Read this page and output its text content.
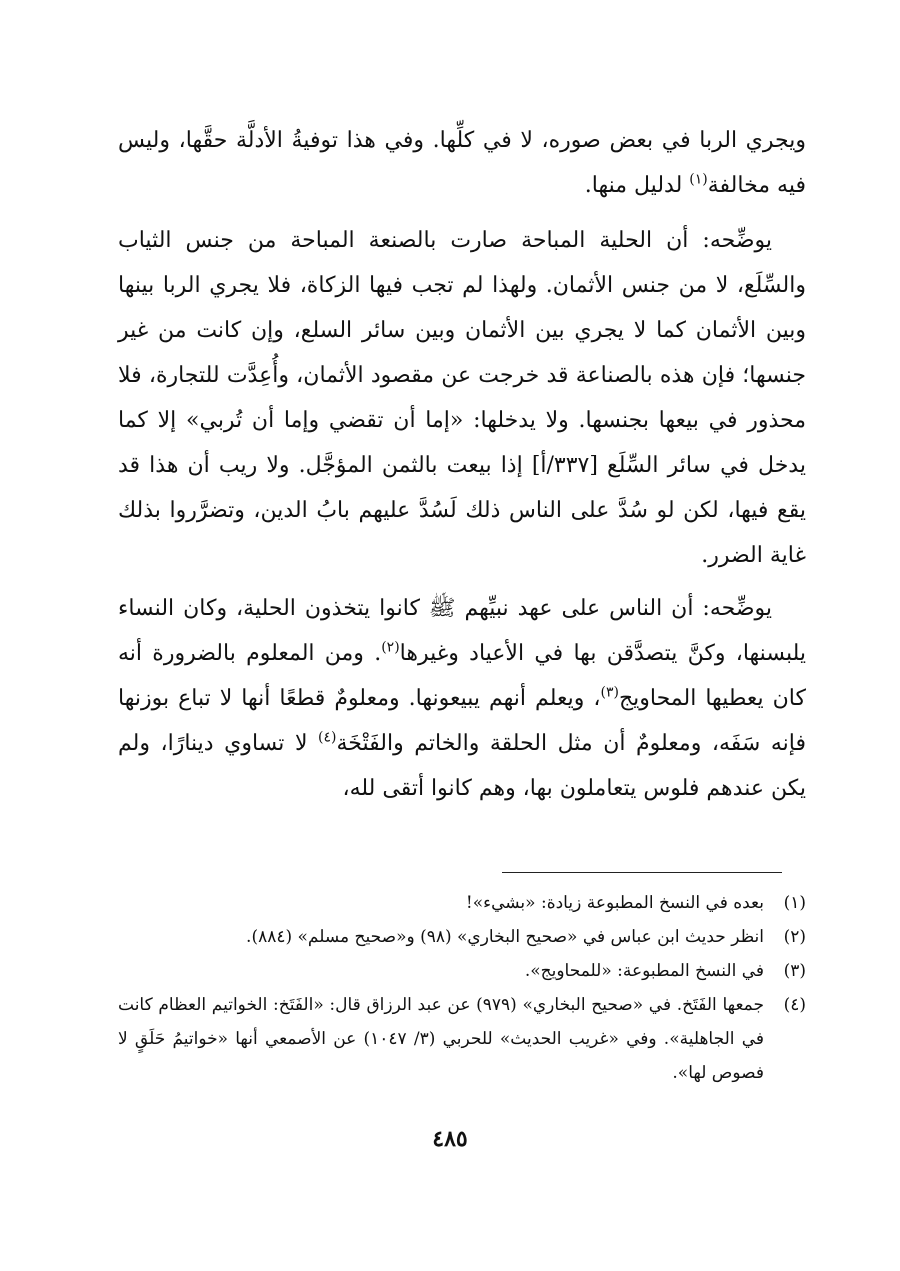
ويجري الربا في بعض صوره، لا في كلِّها. وفي هذا توفيةُ الأدلَّة حقَّها، وليس فيه مخالفة$^{(١)}$ لدليل منها.

يوضِّحه: أن الحلية المباحة صارت بالصنعة المباحة من جنس الثياب والسِّلَع، لا من جنس الأثمان. ولهذا لم تجب فيها الزكاة، فلا يجري الربا بينها وبين الأثمان كما لا يجري بين الأثمان وبين سائر السلع، وإن كانت من غير جنسها؛ فإن هذه بالصناعة قد خرجت عن مقصود الأثمان، وأُعِدَّت للتجارة، فلا محذور في بيعها بجنسها. ولا يدخلها: «إما أن تقضي وإما أن تُربي» إلا كما يدخل في سائر السِّلَع [٣٣٧/أ] إذا بيعت بالثمن المؤجَّل. ولا ريب أن هذا قد يقع فيها، لكن لو سُدَّ على الناس ذلك لَسُدَّ عليهم بابُ الدين، وتضرَّروا بذلك غاية الضرر.

يوضِّحه: أن الناس على عهد نبيِّهم ﷺ كانوا يتخذون الحلية، وكان النساء يلبسنها، وكنَّ يتصدَّقن بها في الأعياد وغيرها$^{(٢)}$. ومن المعلوم بالضرورة أنه كان يعطيها المحاويج$^{(٣)}$، ويعلم أنهم يبيعونها. ومعلومٌ قطعًا أنها لا تباع بوزنها فإنه سَفَه، ومعلومٌ أن مثل الحلقة والخاتم والفَتْخَة$^{(٤)}$ لا تساوي دينارًا، ولم يكن عندهم فلوس يتعاملون بها، وهم كانوا أتقى لله،

(١)
بعده في النسخ المطبوعة زيادة: «بشيء»!
(٢)
انظر حديث ابن عباس في «صحيح البخاري» (٩٨) و«صحيح مسلم» (٨٨٤).
(٣)
في النسخ المطبوعة: «للمحاويج».
(٤)
جمعها الفَتَخ. في «صحيح البخاري» (٩٧٩) عن عبد الرزاق قال: «الفَتَخ: الخواتيم العظام كانت في الجاهلية». وفي «غريب الحديث» للحربي (٣/ ١٠٤٧) عن الأصمعي أنها «خواتيمُ حَلَقٍ لا فصوص لها».
٤٨٥
